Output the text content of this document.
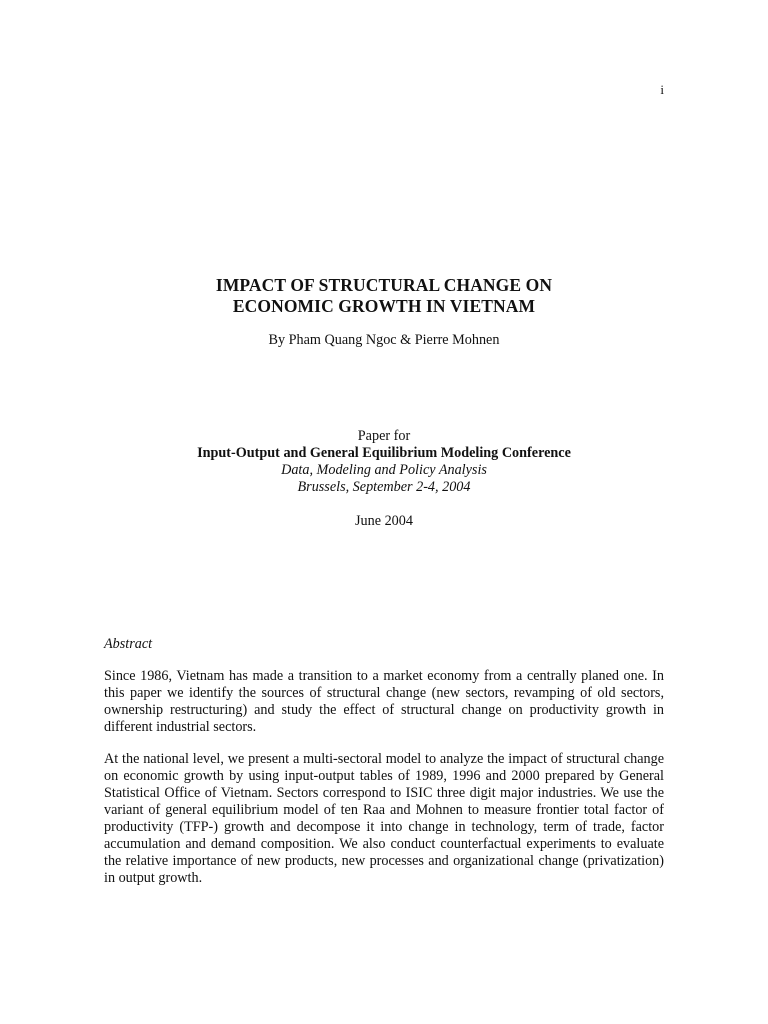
i
IMPACT OF STRUCTURAL CHANGE ON
ECONOMIC GROWTH IN VIETNAM
By Pham Quang Ngoc & Pierre Mohnen
Paper for
Input-Output and General Equilibrium Modeling Conference
Data, Modeling and Policy Analysis
Brussels, September 2-4, 2004
June 2004
Abstract

Since 1986, Vietnam has made a transition to a market economy from a centrally planed one. In this paper we identify the sources of structural change (new sectors, revamping of old sectors, ownership restructuring) and study the effect of structural change on productivity growth in different industrial sectors.

At the national level, we present a multi-sectoral model to analyze the impact of structural change on economic growth by using input-output tables of 1989, 1996 and 2000 prepared by General Statistical Office of Vietnam. Sectors correspond to ISIC three digit major industries. We use the variant of general equilibrium model of ten Raa and Mohnen to measure frontier total factor of productivity (TFP-) growth and decompose it into change in technology, term of trade, factor accumulation and demand composition. We also conduct counterfactual experiments to evaluate the relative importance of new products, new processes and organizational change (privatization) in output growth.
